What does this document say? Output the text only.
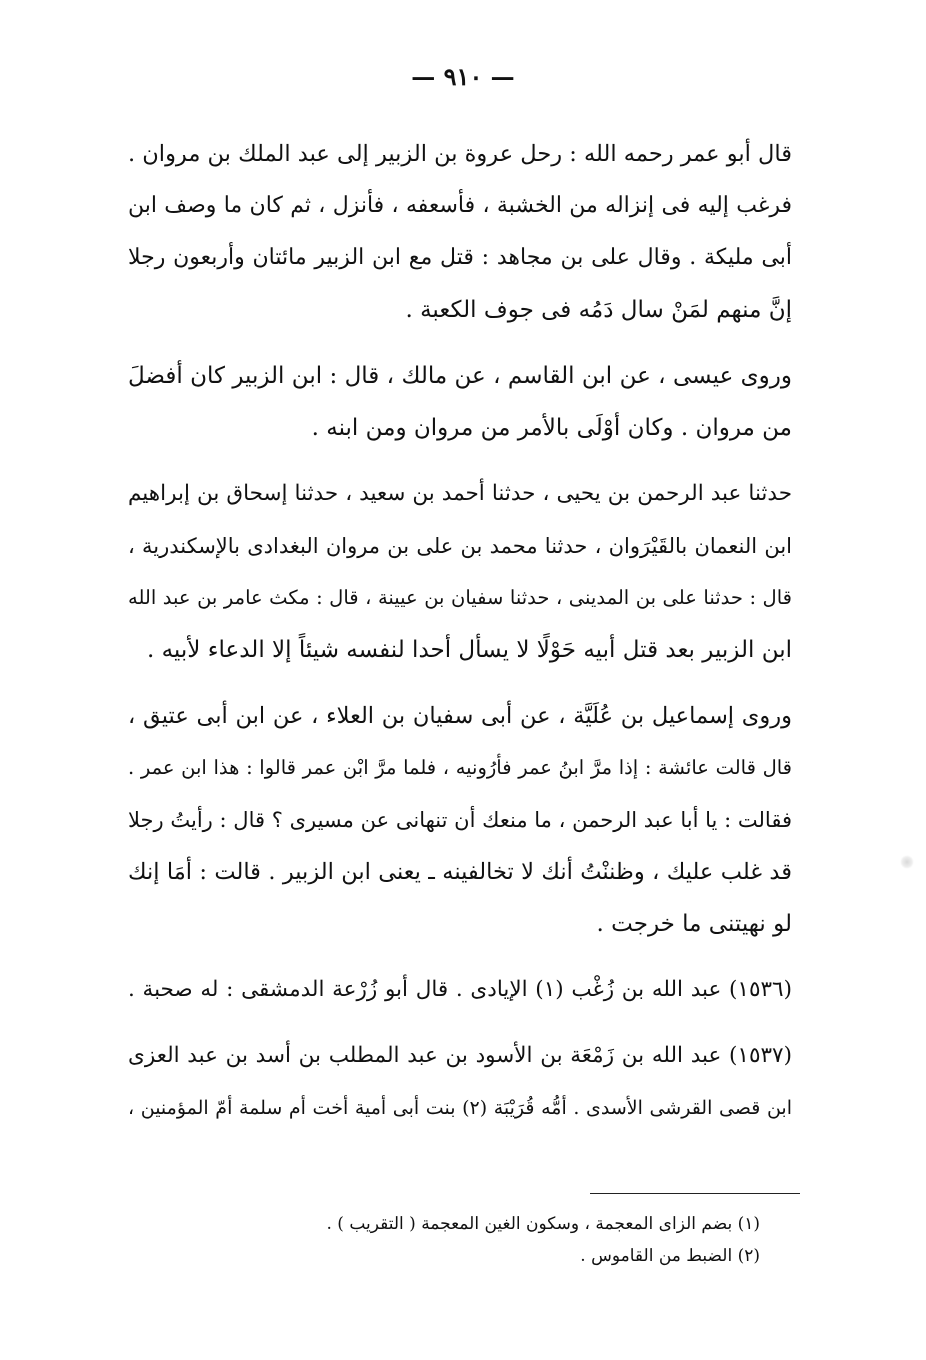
— ٩١٠ —
قال أبو عمر رحمه الله : رحل عروة بن الزبير إلى عبد الملك بن مروان .
فرغب إليه فى إنزاله من الخشبة ، فأسعفه ، فأنزل ، ثم كان ما وصف ابن
أبى مليكة . وقال على بن مجاهد : قتل مع ابن الزبير مائتان وأربعون رجلا
إنَّ منهم لمَنْ سال دَمُه فى جوف الكعبة .
وروى عيسى ، عن ابن القاسم ، عن مالك ، قال : ابن الزبير كان أفضلَ
من مروان . وكان أوْلَى بالأمر من مروان ومن ابنه .
حدثنا عبد الرحمن بن يحيى ، حدثنا أحمد بن سعيد ، حدثنا إسحاق بن إبراهيم
ابن النعمان بالقَيْرَوان ، حدثنا محمد بن على بن مروان البغدادى بالإسكندرية ،
قال : حدثنا على بن المدينى ، حدثنا سفيان بن عيينة ، قال : مكث عامر بن عبد الله
ابن الزبير بعد قتل أبيه حَوْلًا لا يسأل أحدا لنفسه شيئاً إلا الدعاء لأبيه .
وروى إسماعيل بن عُلَيَّة ، عن أبى سفيان بن العلاء ، عن ابن أبى عتيق ،
قال قالت عائشة : إذا مرَّ ابنُ عمر فأرُونيه ، فلما مرَّ ابْن عمر قالوا : هذا ابن عمر .
فقالت : يا أبا عبد الرحمن ، ما منعك أن تنهانى عن مسيرى ؟ قال : رأيتُ رجلا
قد غلب عليك ، وظننْتُ أنك لا تخالفينه ـ يعنى ابن الزبير . قالت : أمَا إنك
لو نهيتنى ما خرجت .
(١٥٣٦) عبد الله بن زُغْب (١) الإيادى . قال أبو زُرْعة الدمشقى : له صحبة .
(١٥٣٧) عبد الله بن زَمْعَة بن الأسود بن عبد المطلب بن أسد بن عبد العزى
ابن قصى القرشى الأسدى . أمُّه قُرَيْبَة (٢) بنت أبى أمية أخت أم سلمة أمّ المؤمنين ،
(١) بضم الزاى المعجمة ، وسكون الغين المعجمة ( التقريب ) .
(٢) الضبط من القاموس .
